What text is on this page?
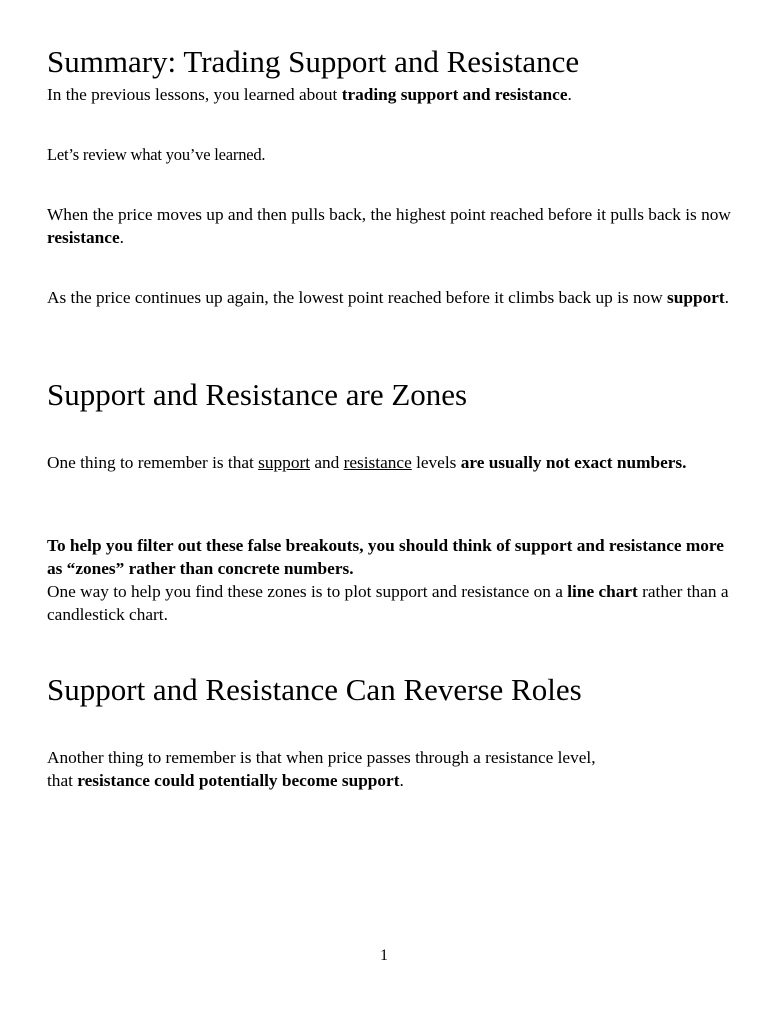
Summary: Trading Support and Resistance

In the previous lessons, you learned about trading support and resistance.

Let’s review what you’ve learned.

When the price moves up and then pulls back, the highest point reached before it pulls back is now resistance.

As the price continues up again, the lowest point reached before it climbs back up is now support.

Support and Resistance are Zones

One thing to remember is that support and resistance levels are usually not exact numbers.

To help you filter out these false breakouts, you should think of support and resistance more as “zones” rather than concrete numbers.
One way to help you find these zones is to plot support and resistance on a line chart rather than a candlestick chart.

Support and Resistance Can Reverse Roles

Another thing to remember is that when price passes through a resistance level,
that resistance could potentially become support.

1
